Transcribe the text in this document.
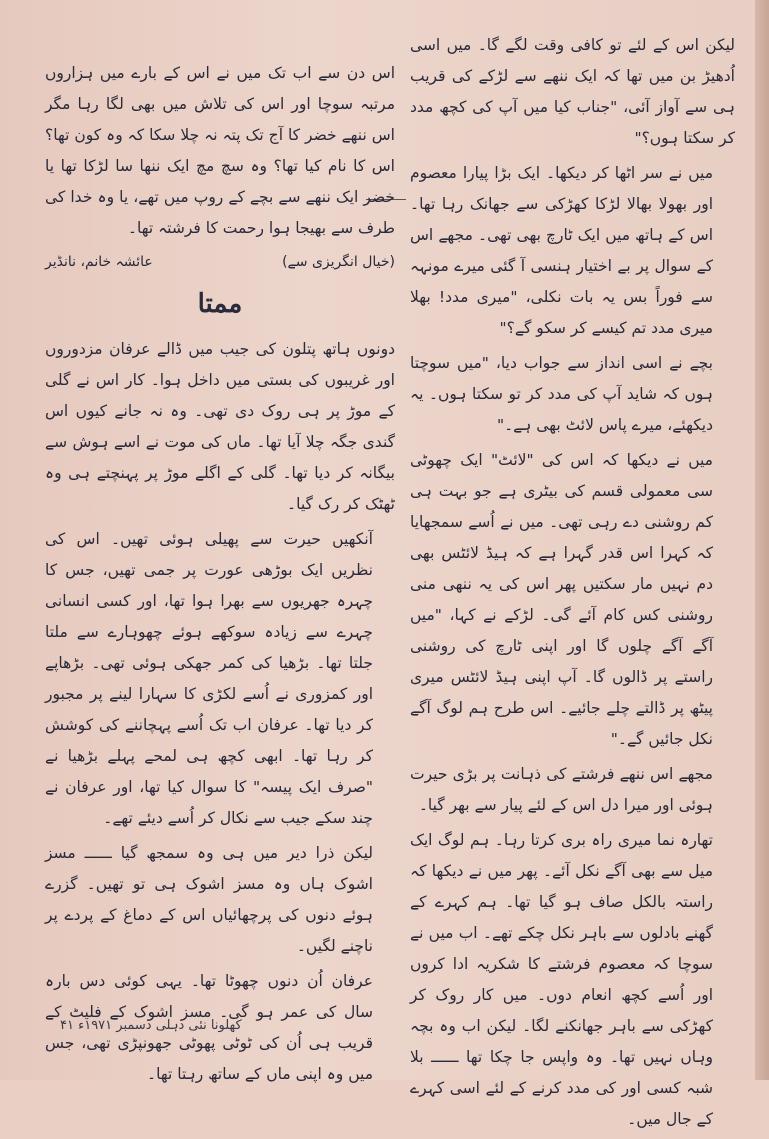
لیکن اس کے لئے تو کافی وقت لگے گا۔ میں اسی اُدھیڑ بن میں تھا کہ ایک ننھے سے لڑکے کی قریب ہی سے آواز آئی، "جناب کیا میں آپ کی کچھ مدد کر سکتا ہوں؟"

میں نے سر اٹھا کر دیکھا۔ ایک بڑا پیارا معصوم اور بھولا بھالا لڑکا کھڑکی سے جھانک رہا تھا۔ اس کے ہاتھ میں ایک ٹارچ بھی تھی۔ مجھے اس کے سوال پر بے اختیار ہنسی آ گئی میرے مونہہ سے فوراً بس یہ بات نکلی، "میری مدد! بھلا میری مدد تم کیسے کر سکو گے؟"

بچے نے اسی انداز سے جواب دیا، "میں سوچتا ہوں کہ شاید آپ کی مدد کر تو سکتا ہوں۔ یہ دیکھئے، میرے پاس لائٹ بھی ہے۔"

میں نے دیکھا کہ اس کی "لائٹ" ایک چھوٹی سی معمولی قسم کی بیٹری ہے جو بہت ہی کم روشنی دے رہی تھی۔ میں نے اُسے سمجھایا کہ کہرا اس قدر گہرا ہے کہ ہیڈ لائٹس بھی دم نہیں مار سکتیں پھر اس کی یہ ننھی منی روشنی کس کام آئے گی۔ لڑکے نے کہا، "میں آگے آگے چلوں گا اور اپنی ٹارچ کی روشنی راستے پر ڈالوں گا۔ آپ اپنی ہیڈ لائٹس میری پیٹھ پر ڈالتے چلے جائیے۔ اس طرح ہم لوگ آگے نکل جائیں گے۔"

مجھے اس ننھے فرشتے کی ذہانت پر بڑی حیرت ہوئی اور میرا دل اس کے لئے پیار سے بھر گیا۔

تھارہ نما میری راہ بری کرتا رہا۔ ہم لوگ ایک میل سے بھی آگے نکل آئے۔ پھر میں نے دیکھا کہ راستہ بالکل صاف ہو گیا تھا۔ ہم کہرے کے گھنے بادلوں سے باہر نکل چکے تھے۔ اب میں نے سوچا کہ معصوم فرشتے کا شکریہ ادا کروں اور اُسے کچھ انعام دوں۔ میں کار روک کر کھڑکی سے باہر جھانکنے لگا۔ لیکن اب وہ بچہ وہاں نہیں تھا۔ وہ واپس جا چکا تھا ــــــ بلا شبہ کسی اور کی مدد کرنے کے لئے اسی کہرے کے جال میں۔

اس دن سے اب تک میں نے اس کے بارے میں ہزاروں مرتبہ سوچا اور اس کی تلاش میں بھی لگا رہا مگر اس ننھے خضر کا آج تک پتہ نہ چلا سکا کہ وہ کون تھا؟ اس کا نام کیا تھا؟ وہ سچ مچ ایک ننھا سا لڑکا تھا یا خضر ایک ننھے سے بچے کے روپ میں تھے، یا وہ خدا کی طرف سے بھیجا ہوا رحمت کا فرشتہ تھا۔

(خیال انگریزی سے)
عائشہ خانم، نانڈیر
ممتا

دونوں ہاتھ پتلون کی جیب میں ڈالے عرفان مزدوروں اور غریبوں کی بستی میں داخل ہوا۔ کار اس نے گلی کے موڑ پر ہی روک دی تھی۔ وہ نہ جانے کیوں اس گندی جگہ چلا آیا تھا۔ ماں کی موت نے اسے ہوش سے بیگانہ کر دیا تھا۔ گلی کے اگلے موڑ پر پہنچتے ہی وہ ٹھٹک کر رک گیا۔

آنکھیں حیرت سے پھیلی ہوئی تھیں۔ اس کی نظریں ایک بوڑھی عورت پر جمی تھیں، جس کا چہرہ جھریوں سے بھرا ہوا تھا، اور کسی انسانی چہرے سے زیادہ سوکھے ہوئے چھوہارے سے ملتا جلتا تھا۔ بڑھیا کی کمر جھکی ہوئی تھی۔ بڑھاپے اور کمزوری نے اُسے لکڑی کا سہارا لینے پر مجبور کر دیا تھا۔ عرفان اب تک اُسے پہچاننے کی کوشش کر رہا تھا۔ ابھی کچھ ہی لمحے پہلے بڑھیا نے "صرف ایک پیسہ" کا سوال کیا تھا، اور عرفان نے چند سکے جیب سے نکال کر اُسے دیئے تھے۔

لیکن ذرا دیر میں ہی وہ سمجھ گیا ــــــ مسز اشوک ہاں وہ مسز اشوک ہی تو تھیں۔ گزرے ہوئے دنوں کی پرچھائیاں اس کے دماغ کے پردے پر ناچنے لگیں۔

عرفان اُن دنوں چھوٹا تھا۔ یہی کوئی دس بارہ سال کی عمر ہو گی۔ مسز اشوک کے فلیٹ کے قریب ہی اُن کی ٹوٹی پھوٹی جھونپڑی تھی، جس میں وہ اپنی ماں کے ساتھ رہتا تھا۔

کھلونا نئی دہلی دسمبر ۱۹۷۱ء ۴۱
